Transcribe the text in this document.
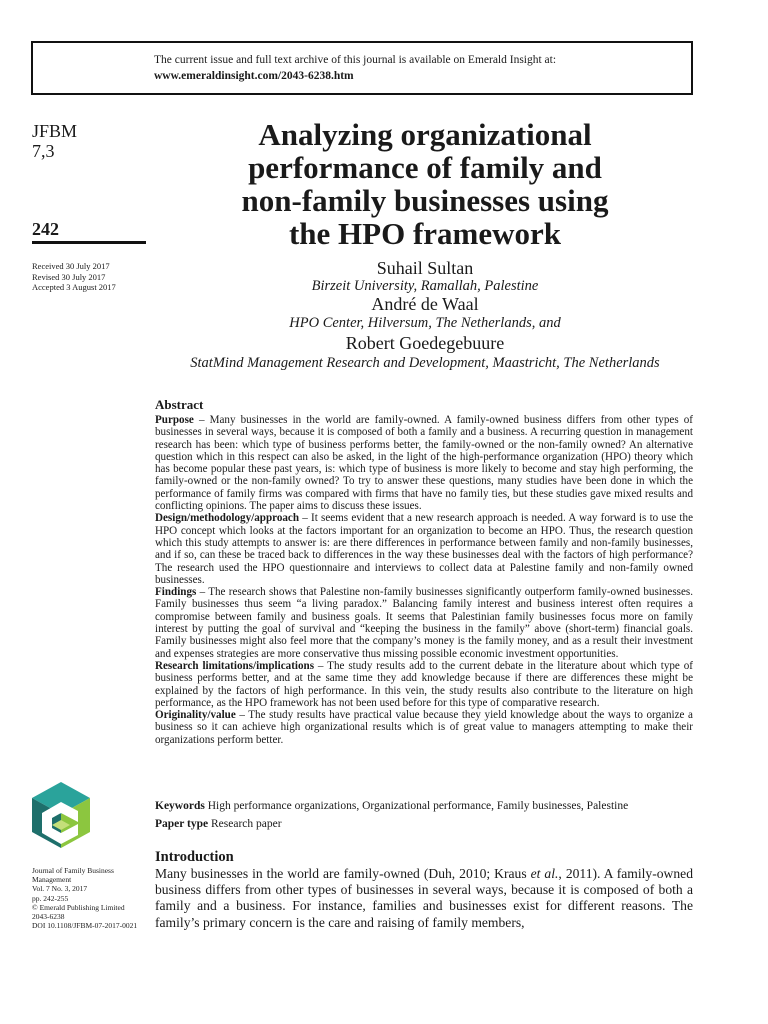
The current issue and full text archive of this journal is available on Emerald Insight at:
www.emeraldinsight.com/2043-6238.htm
JFBM
7,3
242
Received 30 July 2017
Revised 30 July 2017
Accepted 3 August 2017
Journal of Family Business
Management
Vol. 7 No. 3, 2017
pp. 242-255
© Emerald Publishing Limited
2043-6238
DOI 10.1108/JFBM-07-2017-0021
Analyzing organizational
performance of family and
non-family businesses using
the HPO framework
Suhail Sultan
Birzeit University, Ramallah, Palestine
André de Waal
HPO Center, Hilversum, The Netherlands, and
Robert Goedegebuure
StatMind Management Research and Development, Maastricht, The Netherlands
Abstract

Purpose – Many businesses in the world are family-owned. A family-owned business differs from other types of businesses in several ways, because it is composed of both a family and a business. A recurring question in management research has been: which type of business performs better, the family-owned or the non-family owned? An alternative question which in this respect can also be asked, in the light of the high-performance organization (HPO) theory which has become popular these past years, is: which type of business is more likely to become and stay high performing, the family-owned or the non-family owned? To try to answer these questions, many studies have been done in which the performance of family firms was compared with firms that have no family ties, but these studies gave mixed results and conflicting opinions. The paper aims to discuss these issues.

Design/methodology/approach – It seems evident that a new research approach is needed. A way forward is to use the HPO concept which looks at the factors important for an organization to become an HPO. Thus, the research question which this study attempts to answer is: are there differences in performance between family and non-family businesses, and if so, can these be traced back to differences in the way these businesses deal with the factors of high performance? The research used the HPO questionnaire and interviews to collect data at Palestine family and non-family owned businesses.

Findings – The research shows that Palestine non-family businesses significantly outperform family-owned businesses. Family businesses thus seem “a living paradox.” Balancing family interest and business interest often requires a compromise between family and business goals. It seems that Palestinian family businesses focus more on family interest by putting the goal of survival and “keeping the business in the family” above (short-term) financial goals. Family businesses might also feel more that the company’s money is the family money, and as a result their investment and expenses strategies are more conservative thus missing possible economic investment opportunities.

Research limitations/implications – The study results add to the current debate in the literature about which type of business performs better, and at the same time they add knowledge because if there are differences these might be explained by the factors of high performance. In this vein, the study results also contribute to the literature on high performance, as the HPO framework has not been used before for this type of comparative research.

Originality/value – The study results have practical value because they yield knowledge about the ways to organize a business so it can achieve high organizational results which is of great value to managers attempting to make their organizations perform better.

Keywords High performance organizations, Organizational performance, Family businesses, Palestine
Paper type Research paper
Introduction

Many businesses in the world are family-owned (Duh, 2010; Kraus et al., 2011). A family-owned business differs from other types of businesses in several ways, because it is composed of both a family and a business. For instance, families and businesses exist for different reasons. The family’s primary concern is the care and raising of family members,
